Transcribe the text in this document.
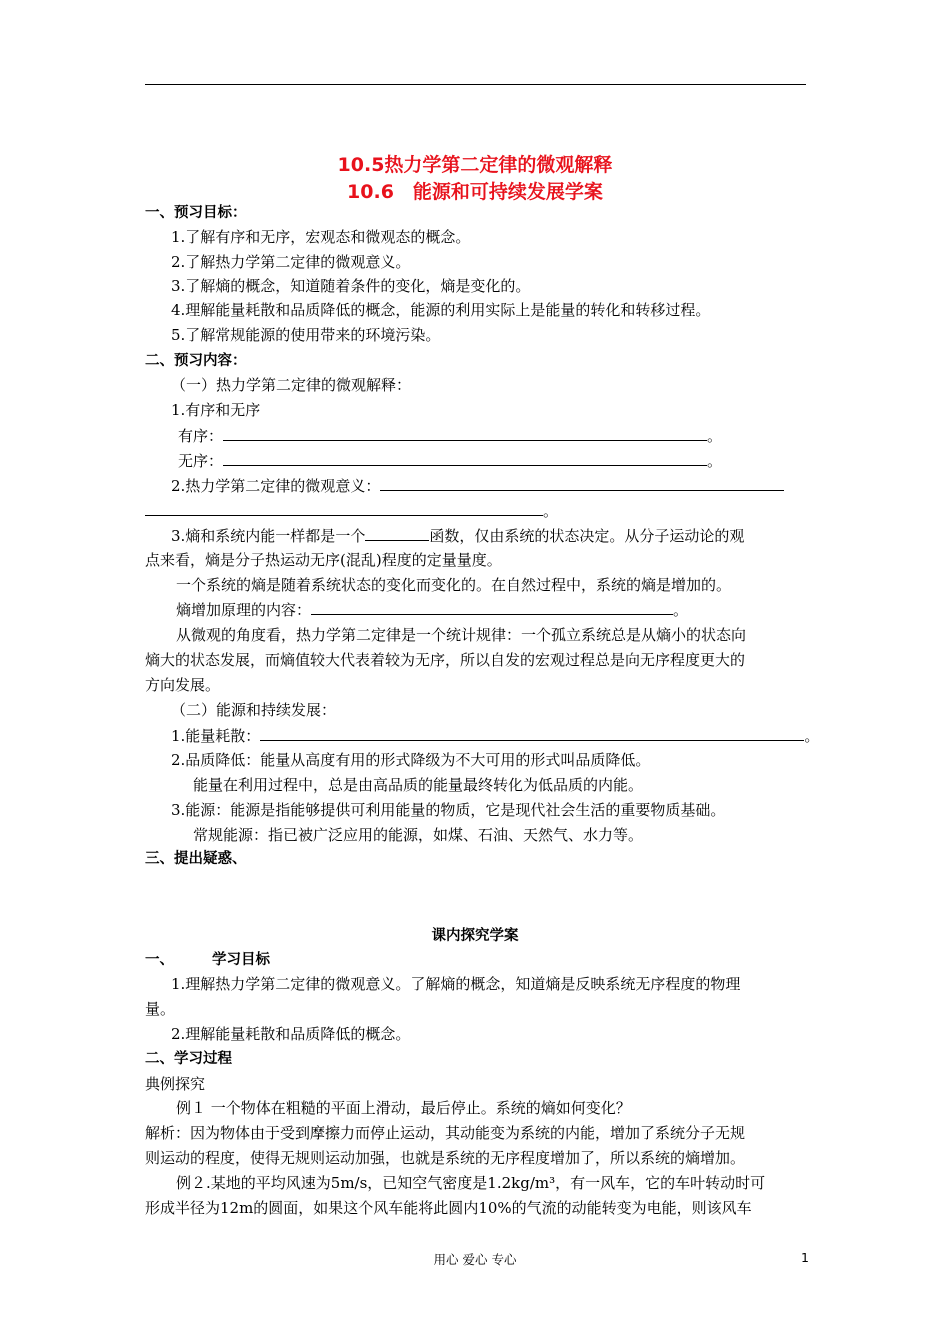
10.5热力学第二定律的微观解释
10.6　能源和可持续发展学案
一、预习目标：
1.了解有序和无序，宏观态和微观态的概念。
2.了解热力学第二定律的微观意义。
3.了解熵的概念，知道随着条件的变化，熵是变化的。
4.理解能量耗散和品质降低的概念，能源的利用实际上是能量的转化和转移过程。
5.了解常规能源的使用带来的环境污染。
二、预习内容：
（一）热力学第二定律的微观解释：
1.有序和无序
有序：	。
无序：	。
2.热力学第二定律的微观意义：
。
3.熵和系统内能一样都是一个	函数，仅由系统的状态决定。从分子运动论的观
点来看，熵是分子热运动无序(混乱)程度的定量量度。
一个系统的熵是随着系统状态的变化而变化的。在自然过程中，系统的熵是增加的。
熵增加原理的内容：	。
从微观的角度看，热力学第二定律是一个统计规律：一个孤立系统总是从熵小的状态向
熵大的状态发展，而熵值较大代表着较为无序，所以自发的宏观过程总是向无序程度更大的
方向发展。
（二）能源和持续发展：
1.能量耗散：	。
2.品质降低：能量从高度有用的形式降级为不大可用的形式叫品质降低。
能量在利用过程中，总是由高品质的能量最终转化为低品质的内能。
3.能源：能源是指能够提供可利用能量的物质，它是现代社会生活的重要物质基础。
常规能源：指已被广泛应用的能源，如煤、石油、天然气、水力等。
三、提出疑惑、
课内探究学案
一、	学习目标
1.理解热力学第二定律的微观意义。了解熵的概念，知道熵是反映系统无序程度的物理
量。
2.理解能量耗散和品质降低的概念。
二、学习过程
典例探究
例１ 一个物体在粗糙的平面上滑动，最后停止。系统的熵如何变化？
解析：因为物体由于受到摩擦力而停止运动，其动能变为系统的内能，增加了系统分子无规
则运动的程度，使得无规则运动加强，也就是系统的无序程度增加了，所以系统的熵增加。
例２.某地的平均风速为5m/s，已知空气密度是1.2kg/m³，有一风车，它的车叶转动时可
形成半径为12m的圆面，如果这个风车能将此圆内10%的气流的动能转变为电能，则该风车
用心 爱心 专心	1
